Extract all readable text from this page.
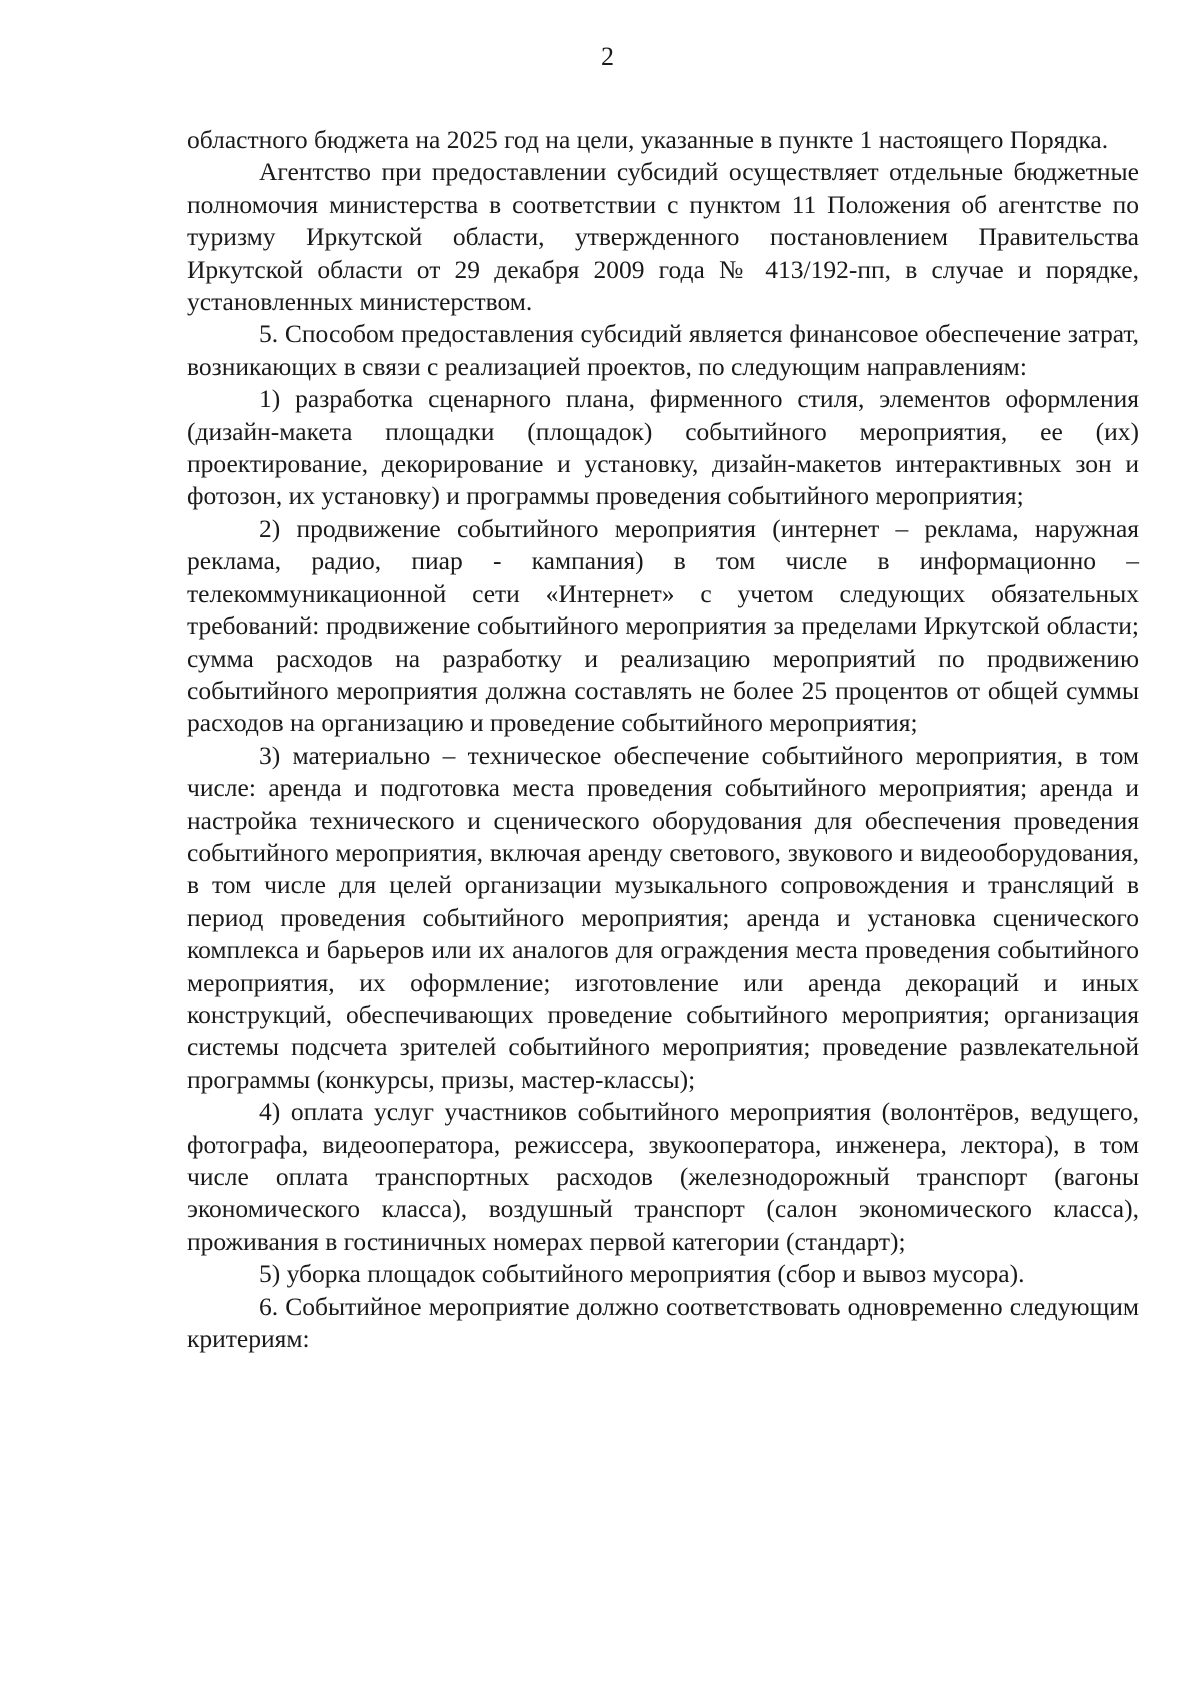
2

областного бюджета на 2025 год на цели, указанные в пункте 1 настоящего Порядка.

Агентство при предоставлении субсидий осуществляет отдельные бюджетные полномочия министерства в соответствии с пунктом 11 Положения об агентстве по туризму Иркутской области, утвержденного постановлением Правительства Иркутской области от 29 декабря 2009 года № 413/192-пп, в случае и порядке, установленных министерством.

5. Способом предоставления субсидий является финансовое обеспечение затрат, возникающих в связи с реализацией проектов, по следующим направлениям:

1) разработка сценарного плана, фирменного стиля, элементов оформления (дизайн-макета площадки (площадок) событийного мероприятия, ее (их) проектирование, декорирование и установку, дизайн-макетов интерактивных зон и фотозон, их установку) и программы проведения событийного мероприятия;

2) продвижение событийного мероприятия (интернет – реклама, наружная реклама, радио, пиар - кампания) в том числе в информационно – телекоммуникационной сети «Интернет» с учетом следующих обязательных требований: продвижение событийного мероприятия за пределами Иркутской области; сумма расходов на разработку и реализацию мероприятий по продвижению событийного мероприятия должна составлять не более 25 процентов от общей суммы расходов на организацию и проведение событийного мероприятия;

3) материально – техническое обеспечение событийного мероприятия, в том числе: аренда и подготовка места проведения событийного мероприятия; аренда и настройка технического и сценического оборудования для обеспечения проведения событийного мероприятия, включая аренду светового, звукового и видеооборудования, в том числе для целей организации музыкального сопровождения и трансляций в период проведения событийного мероприятия; аренда и установка сценического комплекса и барьеров или их аналогов для ограждения места проведения событийного мероприятия, их оформление; изготовление или аренда декораций и иных конструкций, обеспечивающих проведение событийного мероприятия; организация системы подсчета зрителей событийного мероприятия; проведение развлекательной программы (конкурсы, призы, мастер-классы);

4) оплата услуг участников событийного мероприятия (волонтёров, ведущего, фотографа, видеооператора, режиссера, звукооператора, инженера, лектора), в том числе оплата транспортных расходов (железнодорожный транспорт (вагоны экономического класса), воздушный транспорт (салон экономического класса), проживания в гостиничных номерах первой категории (стандарт);

5) уборка площадок событийного мероприятия (сбор и вывоз мусора).

6. Событийное мероприятие должно соответствовать одновременно следующим критериям:
